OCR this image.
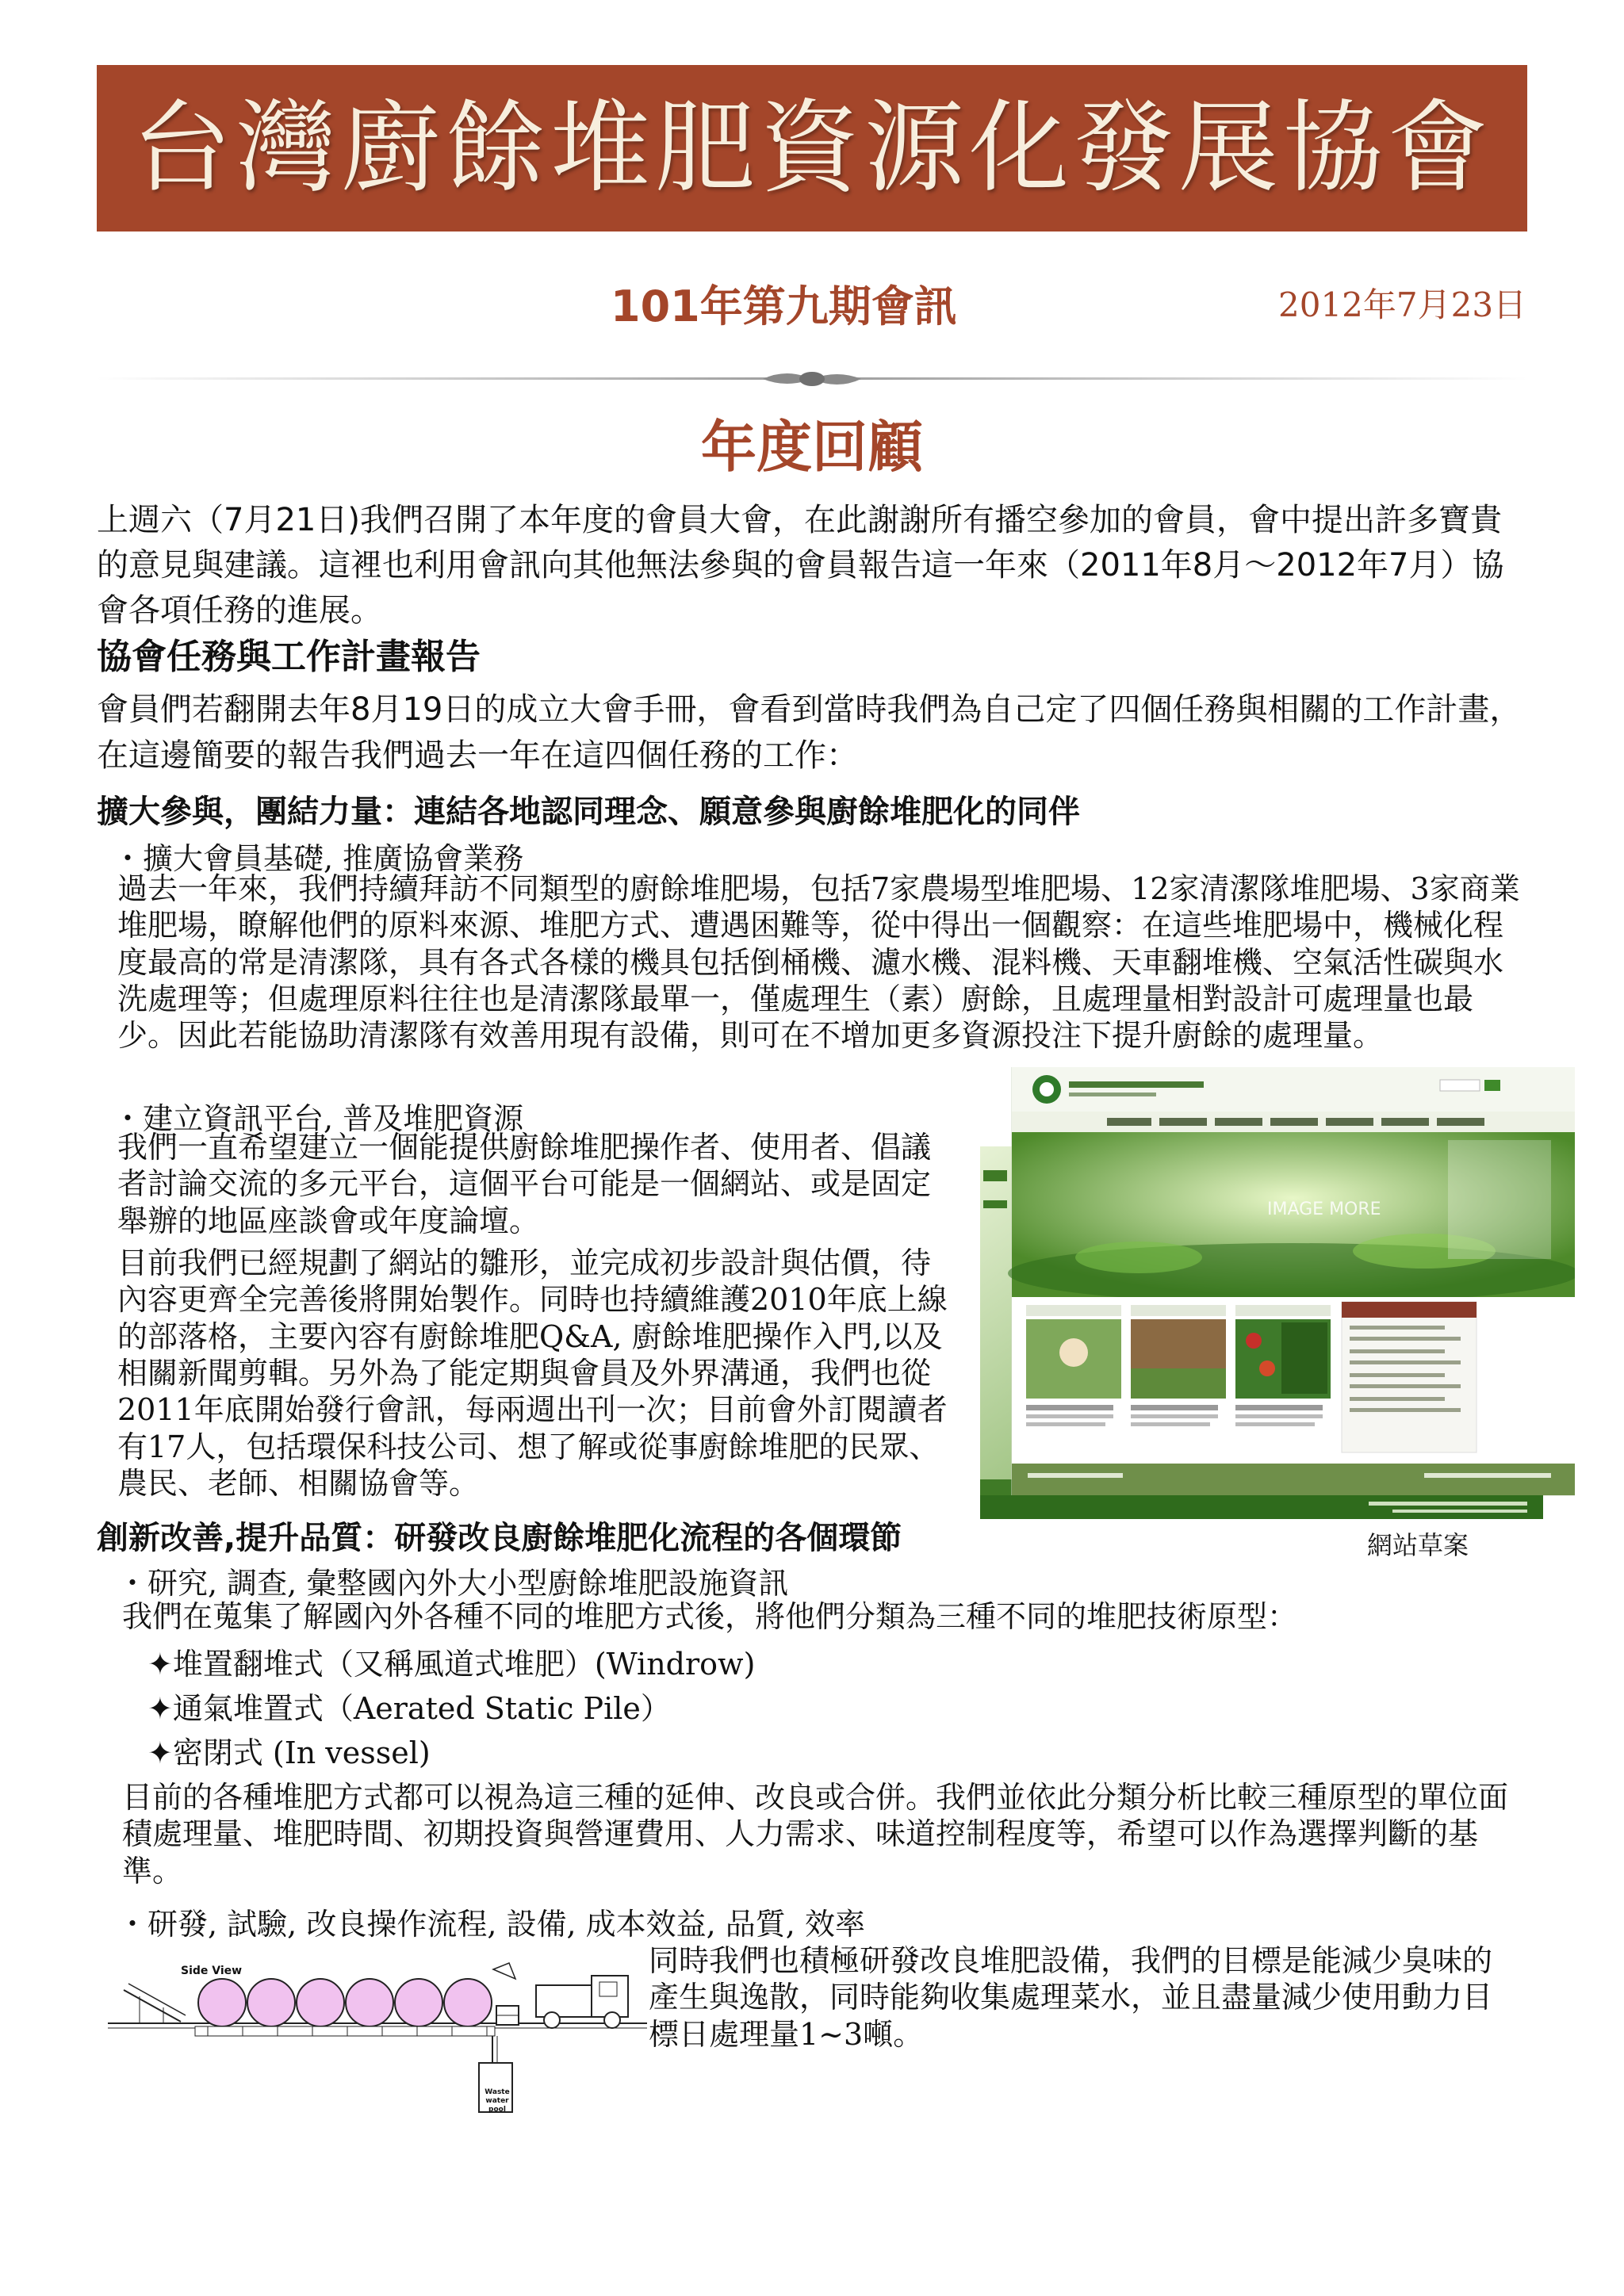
台灣廚餘堆肥資源化發展協會
101年第九期會訊	2012年7月23日
年度回顧
上週六（7月21日)我們召開了本年度的會員大會，在此謝謝所有播空參加的會員，會中提出許多寶貴的意見與建議。這裡也利用會訊向其他無法參與的會員報告這一年來（2011年8月～2012年7月）協會各項任務的進展。
協會任務與工作計畫報告
會員們若翻開去年8月19日的成立大會手冊，會看到當時我們為自己定了四個任務與相關的工作計畫，在這邊簡要的報告我們過去一年在這四個任務的工作：
擴大參與，團結力量：連結各地認同理念、願意參與廚餘堆肥化的同伴
・擴大會員基礎, 推廣協會業務
過去一年來，我們持續拜訪不同類型的廚餘堆肥場，包括7家農場型堆肥場、12家清潔隊堆肥場、3家商業堆肥場，瞭解他們的原料來源、堆肥方式、遭遇困難等，從中得出一個觀察：在這些堆肥場中，機械化程度最高的常是清潔隊，具有各式各樣的機具包括倒桶機、濾水機、混料機、天車翻堆機、空氣活性碳與水洗處理等；但處理原料往往也是清潔隊最單一，僅處理生（素）廚餘，且處理量相對設計可處理量也最少。因此若能協助清潔隊有效善用現有設備，則可在不增加更多資源投注下提升廚餘的處理量。
・建立資訊平台, 普及堆肥資源
我們一直希望建立一個能提供廚餘堆肥操作者、使用者、倡議者討論交流的多元平台，這個平台可能是一個網站、或是固定舉辦的地區座談會或年度論壇。
目前我們已經規劃了網站的雛形，並完成初步設計與估價，待內容更齊全完善後將開始製作。同時也持續維護2010年底上線的部落格，主要內容有廚餘堆肥Q&A, 廚餘堆肥操作入門,以及相關新聞剪輯。另外為了能定期與會員及外界溝通，我們也從2011年底開始發行會訊，每兩週出刊一次；目前會外訂閱讀者有17人，包括環保科技公司、想了解或從事廚餘堆肥的民眾、農民、老師、相關協會等。
IMAGE MORE
網站草案
創新改善,提升品質：研發改良廚餘堆肥化流程的各個環節
・研究, 調查, 彙整國內外大小型廚餘堆肥設施資訊
我們在蒐集了解國內外各種不同的堆肥方式後，將他們分類為三種不同的堆肥技術原型：
✦堆置翻堆式（又稱風道式堆肥）(Windrow)
✦通氣堆置式（Aerated Static Pile）
✦密閉式 (In vessel)
目前的各種堆肥方式都可以視為這三種的延伸、改良或合併。我們並依此分類分析比較三種原型的單位面積處理量、堆肥時間、初期投資與營運費用、人力需求、味道控制程度等，希望可以作為選擇判斷的基準。
・研發, 試驗, 改良操作流程, 設備, 成本效益, 品質, 效率
同時我們也積極研發改良堆肥設備，我們的目標是能減少臭味的產生與逸散，同時能夠收集處理菜水，並且盡量減少使用動力目標日處理量1~3噸。
Side View
Waste water pool
